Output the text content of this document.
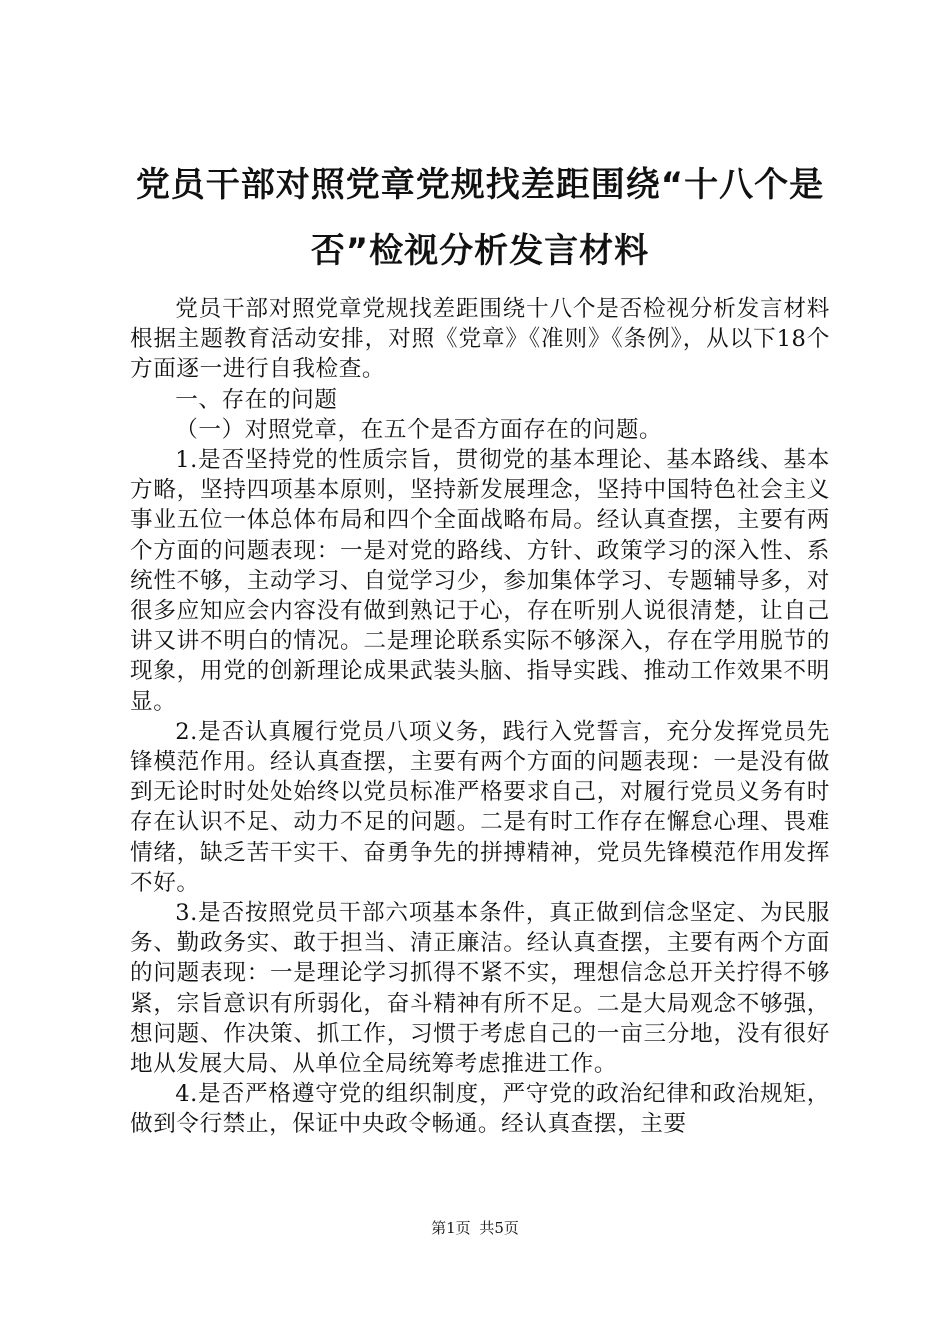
党员干部对照党章党规找差距围绕“十八个是否”检视分析发言材料

党员干部对照党章党规找差距围绕十八个是否检视分析发言材料根据主题教育活动安排，对照《党章》《准则》《条例》，从以下18个方面逐一进行自我检查。

一、存在的问题

（一）对照党章，在五个是否方面存在的问题。

1.是否坚持党的性质宗旨，贯彻党的基本理论、基本路线、基本方略，坚持四项基本原则，坚持新发展理念，坚持中国特色社会主义事业五位一体总体布局和四个全面战略布局。经认真查摆，主要有两个方面的问题表现：一是对党的路线、方针、政策学习的深入性、系统性不够，主动学习、自觉学习少，参加集体学习、专题辅导多，对很多应知应会内容没有做到熟记于心，存在听别人说很清楚，让自己讲又讲不明白的情况。二是理论联系实际不够深入，存在学用脱节的现象，用党的创新理论成果武装头脑、指导实践、推动工作效果不明显。

2.是否认真履行党员八项义务，践行入党誓言，充分发挥党员先锋模范作用。经认真查摆，主要有两个方面的问题表现：一是没有做到无论时时处处始终以党员标准严格要求自己，对履行党员义务有时存在认识不足、动力不足的问题。二是有时工作存在懈怠心理、畏难情绪，缺乏苦干实干、奋勇争先的拼搏精神，党员先锋模范作用发挥不好。

3.是否按照党员干部六项基本条件，真正做到信念坚定、为民服务、勤政务实、敢于担当、清正廉洁。经认真查摆，主要有两个方面的问题表现：一是理论学习抓得不紧不实，理想信念总开关拧得不够紧，宗旨意识有所弱化，奋斗精神有所不足。二是大局观念不够强，想问题、作决策、抓工作，习惯于考虑自己的一亩三分地，没有很好地从发展大局、从单位全局统筹考虑推进工作。

4.是否严格遵守党的组织制度，严守党的政治纪律和政治规矩，做到令行禁止，保证中央政令畅通。经认真查摆，主要

第1页 共5页
